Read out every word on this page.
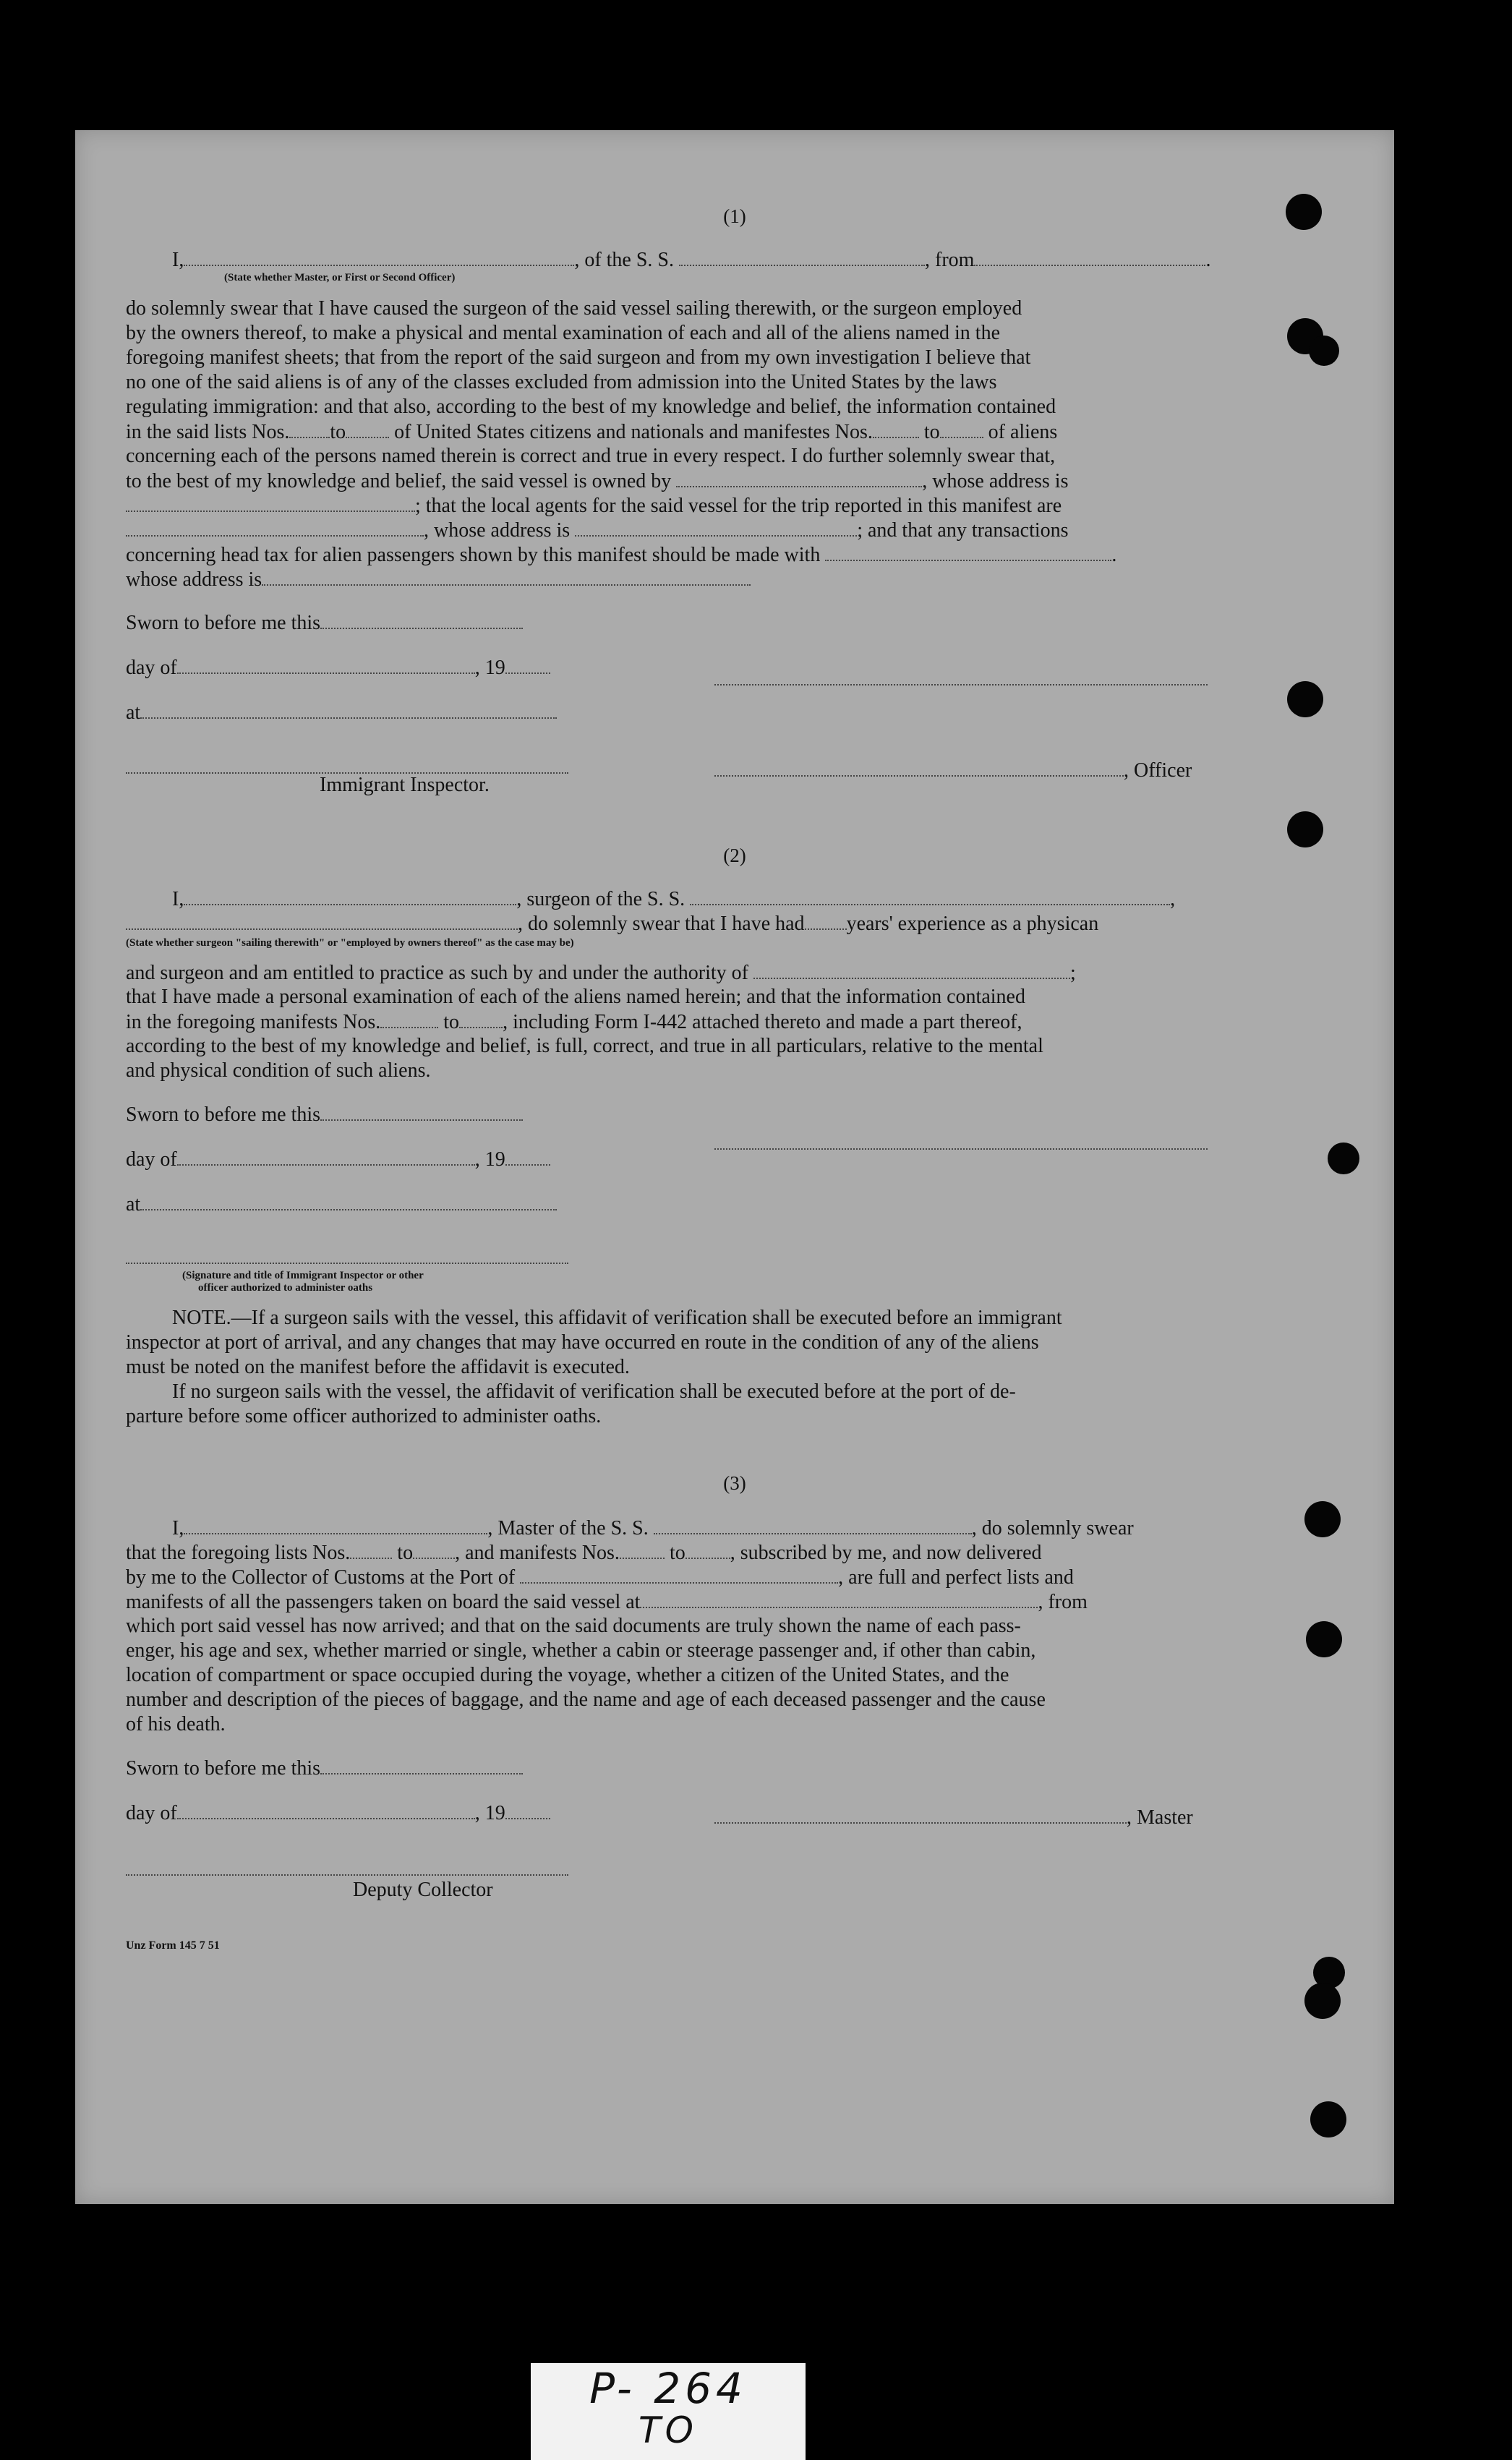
(1)
I,	, of the S. S.	, from	.
(State whether Master, or First or Second Officer)
do solemnly swear that I have caused the surgeon of the said vessel sailing therewith, or the surgeon employed
by the owners thereof, to make a physical and mental examination of each and all of the aliens named in the
foregoing manifest sheets; that from the report of the said surgeon and from my own investigation I believe that
no one of the said aliens is of any of the classes excluded from admission into the United States by the laws
regulating immigration: and that also, according to the best of my knowledge and belief, the information contained
in the said lists Nos. to of United States citizens and nationals and manifestes Nos.	to of aliens
concerning each of the persons named therein is correct and true in every respect. I do further solemnly swear that,
to the best of my knowledge and belief, the said vessel is owned by	, whose address is
; that the local agents for the said vessel for the trip reported in this manifest are
, whose address is	; and that any transactions
concerning head tax for alien passengers shown by this manifest should be made with	.
whose address is
Sworn to before me this
day of	, 19
at
, Officer
Immigrant Inspector.
(2)
I,	, surgeon of the S. S.	,
, do solemnly swear that I have had years' experience as a physican
(State whether surgeon "sailing therewith" or "employed by owners thereof" as the case may be)
and surgeon and am entitled to practice as such by and under the authority of	;
that I have made a personal examination of each of the aliens named herein; and that the information contained
in the foregoing manifests Nos.	to , including Form I-442 attached thereto and made a part thereof,
according to the best of my knowledge and belief, is full, correct, and true in all particulars, relative to the mental
and physical condition of such aliens.
Sworn to before me this
day of	, 19
at
(Signature and title of Immigrant Inspector or other
officer authorized to administer oaths
NOTE.—If a surgeon sails with the vessel, this affidavit of verification shall be executed before an immigrant
inspector at port of arrival, and any changes that may have occurred en route in the condition of any of the aliens
must be noted on the manifest before the affidavit is executed.
If no surgeon sails with the vessel, the affidavit of verification shall be executed before at the port of de-
parture before some officer authorized to administer oaths.
(3)
I,	, Master of the S. S.	, do solemnly swear
that the foregoing lists Nos. to , and manifests Nos. to , subscribed by me, and now delivered
by me to the Collector of Customs at the Port of	, are full and perfect lists and
manifests of all the passengers taken on board the said vessel at	, from
which port said vessel has now arrived; and that on the said documents are truly shown the name of each pass-
enger, his age and sex, whether married or single, whether a cabin or steerage passenger and, if other than cabin,
location of compartment or space occupied during the voyage, whether a citizen of the United States, and the
number and description of the pieces of baggage, and the name and age of each deceased passenger and the cause
of his death.
Sworn to before me this
day of	, 19	, Master
Deputy Collector
Unz Form 145 7 51
P- 264
TO
